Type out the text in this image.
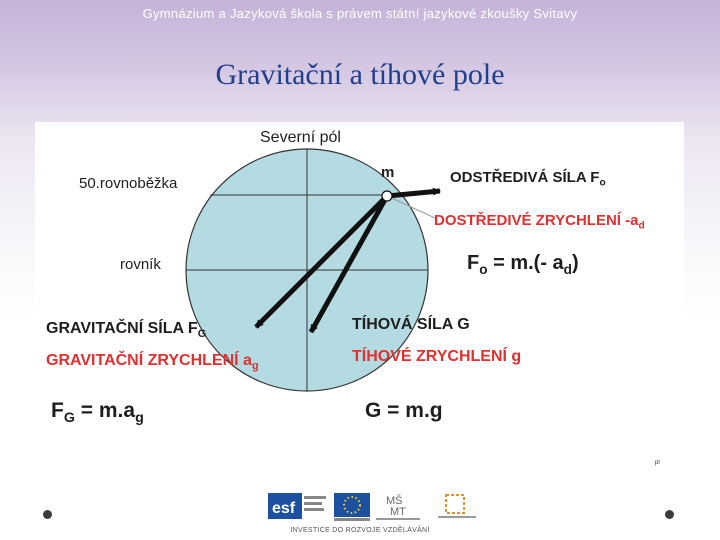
Gymnázium a Jazyková škola s právem státní jazykové zkoušky Svitavy
Gravitační a tíhové pole
Severní pól
50.rovnoběžka
rovník
m	ODSTŘEDIVÁ SÍLA $F_o$
DOSTŘEDIVÉ ZRYCHLENÍ $-a_d$
$F_o = m.(-$ $a_d$)
GRAVITAČNÍ SÍLA $F_G$
GRAVITAČNÍ ZRYCHLENÍ $a_g$
TÍHOVÁ SÍLA G
TÍHOVÉ ZRYCHLENÍ g
$F_G = m.a_g$	G = m.g
pl
esf	MŠ
MT
INVESTICE DO ROZVOJE VZDĚLÁVÁNÍ
